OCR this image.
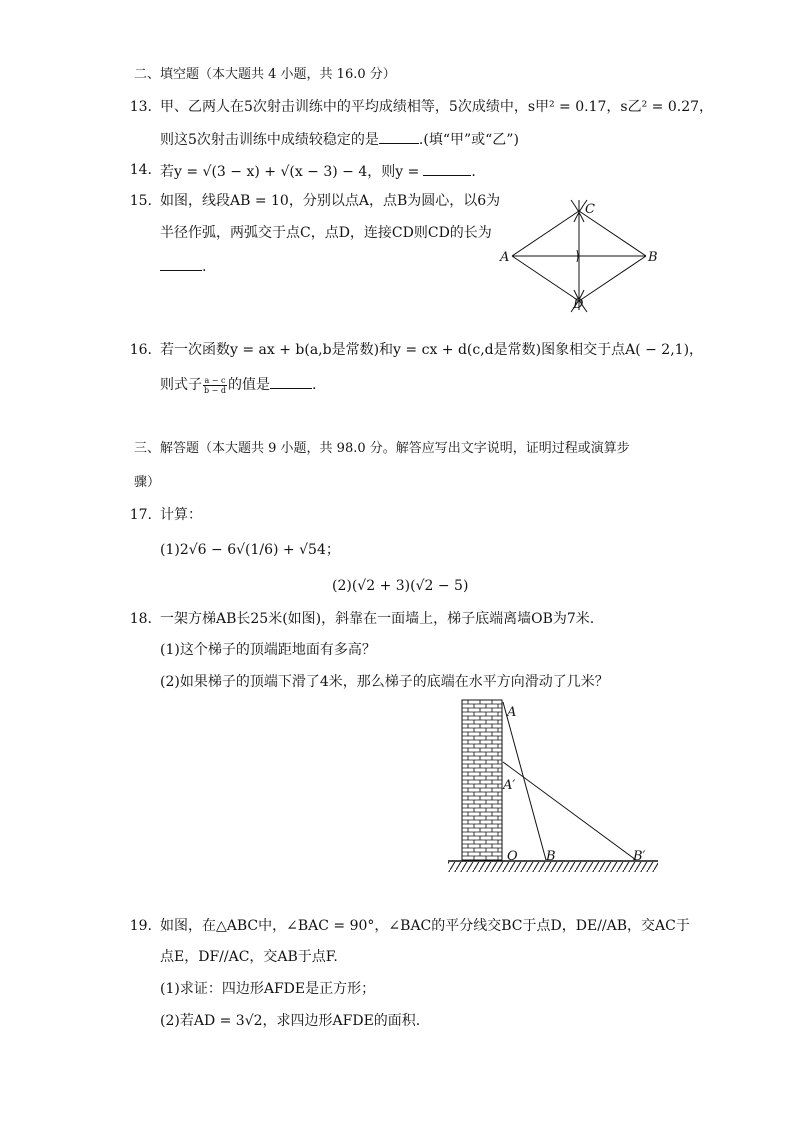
二、填空题（本大题共 4 小题，共 16.0 分）
13. 甲、乙两人在5次射击训练中的平均成绩相等，5次成绩中，s甲² = 0.17，s乙² = 0.27，
则这5次射击训练中成绩较稳定的是	.(填“甲”或“乙”)
14. 若y = √(3 − x) + √(x − 3) − 4，则y =	.
15. 如图，线段AB = 10，分别以点A，点B为圆心，以6为
半径作弧，两弧交于点C，点D，连接CD则CD的长为
.
A	B
C
D
16. 若一次函数y = ax + b(a,b是常数)和y = cx + d(c,d是常数)图象相交于点A( − 2,1)，
则式子 $\frac{a - c}{b - d}$ 的值是	.
三、解答题（本大题共 9 小题，共 98.0 分。解答应写出文字说明，证明过程或演算步
骤）
17. 计算：
(1)2√6 − 6√(1/6) + √54；
(2)(√2 + 3)(√2 − 5)
18. 一架方梯AB长25米(如图)，斜靠在一面墙上，梯子底端离墙OB为7米.
(1)这个梯子的顶端距地面有多高？
(2)如果梯子的顶端下滑了4米，那么梯子的底端在水平方向滑动了几米？
A
A′
O B	B′
19. 如图，在△ABC中，∠BAC = 90°，∠BAC的平分线交BC于点D，DE//AB，交AC于
点E，DF//AC，交AB于点F.
(1)求证：四边形AFDE是正方形；
(2)若AD = 3√2，求四边形AFDE的面积.
